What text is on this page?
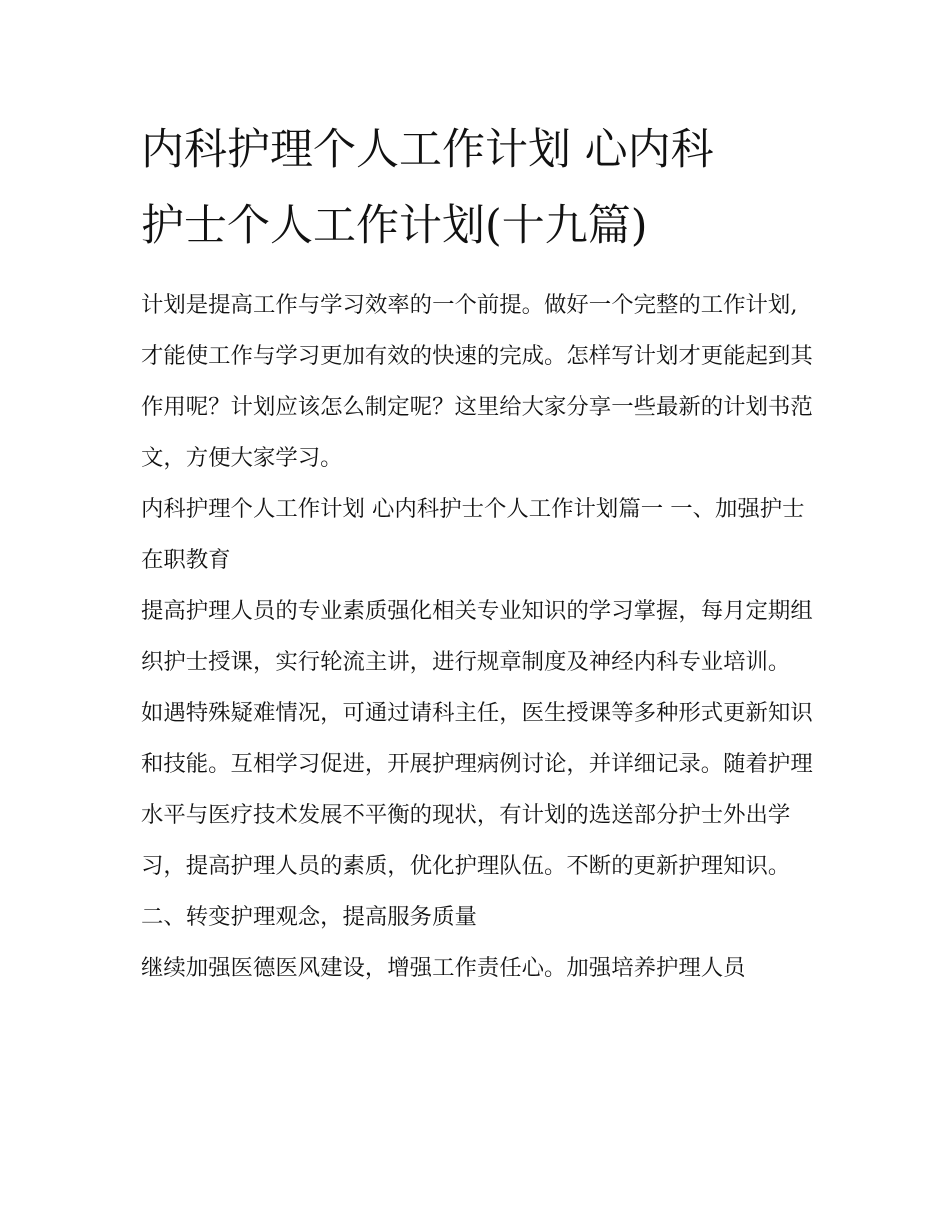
内科护理个人工作计划 心内科
护士个人工作计划(十九篇)

计划是提高工作与学习效率的一个前提。做好一个完整的工作计划,才能使工作与学习更加有效的快速的完成。怎样写计划才更能起到其作用呢？计划应该怎么制定呢？这里给大家分享一些最新的计划书范文，方便大家学习。

内科护理个人工作计划 心内科护士个人工作计划篇一 一、加强护士在职教育

提高护理人员的专业素质强化相关专业知识的学习掌握，每月定期组织护士授课，实行轮流主讲，进行规章制度及神经内科专业培训。

如遇特殊疑难情况，可通过请科主任，医生授课等多种形式更新知识和技能。互相学习促进，开展护理病例讨论，并详细记录。随着护理水平与医疗技术发展不平衡的现状，有计划的选送部分护士外出学习，提高护理人员的素质，优化护理队伍。不断的更新护理知识。

二、转变护理观念，提高服务质量

继续加强医德医风建设，增强工作责任心。加强培养护理人员
